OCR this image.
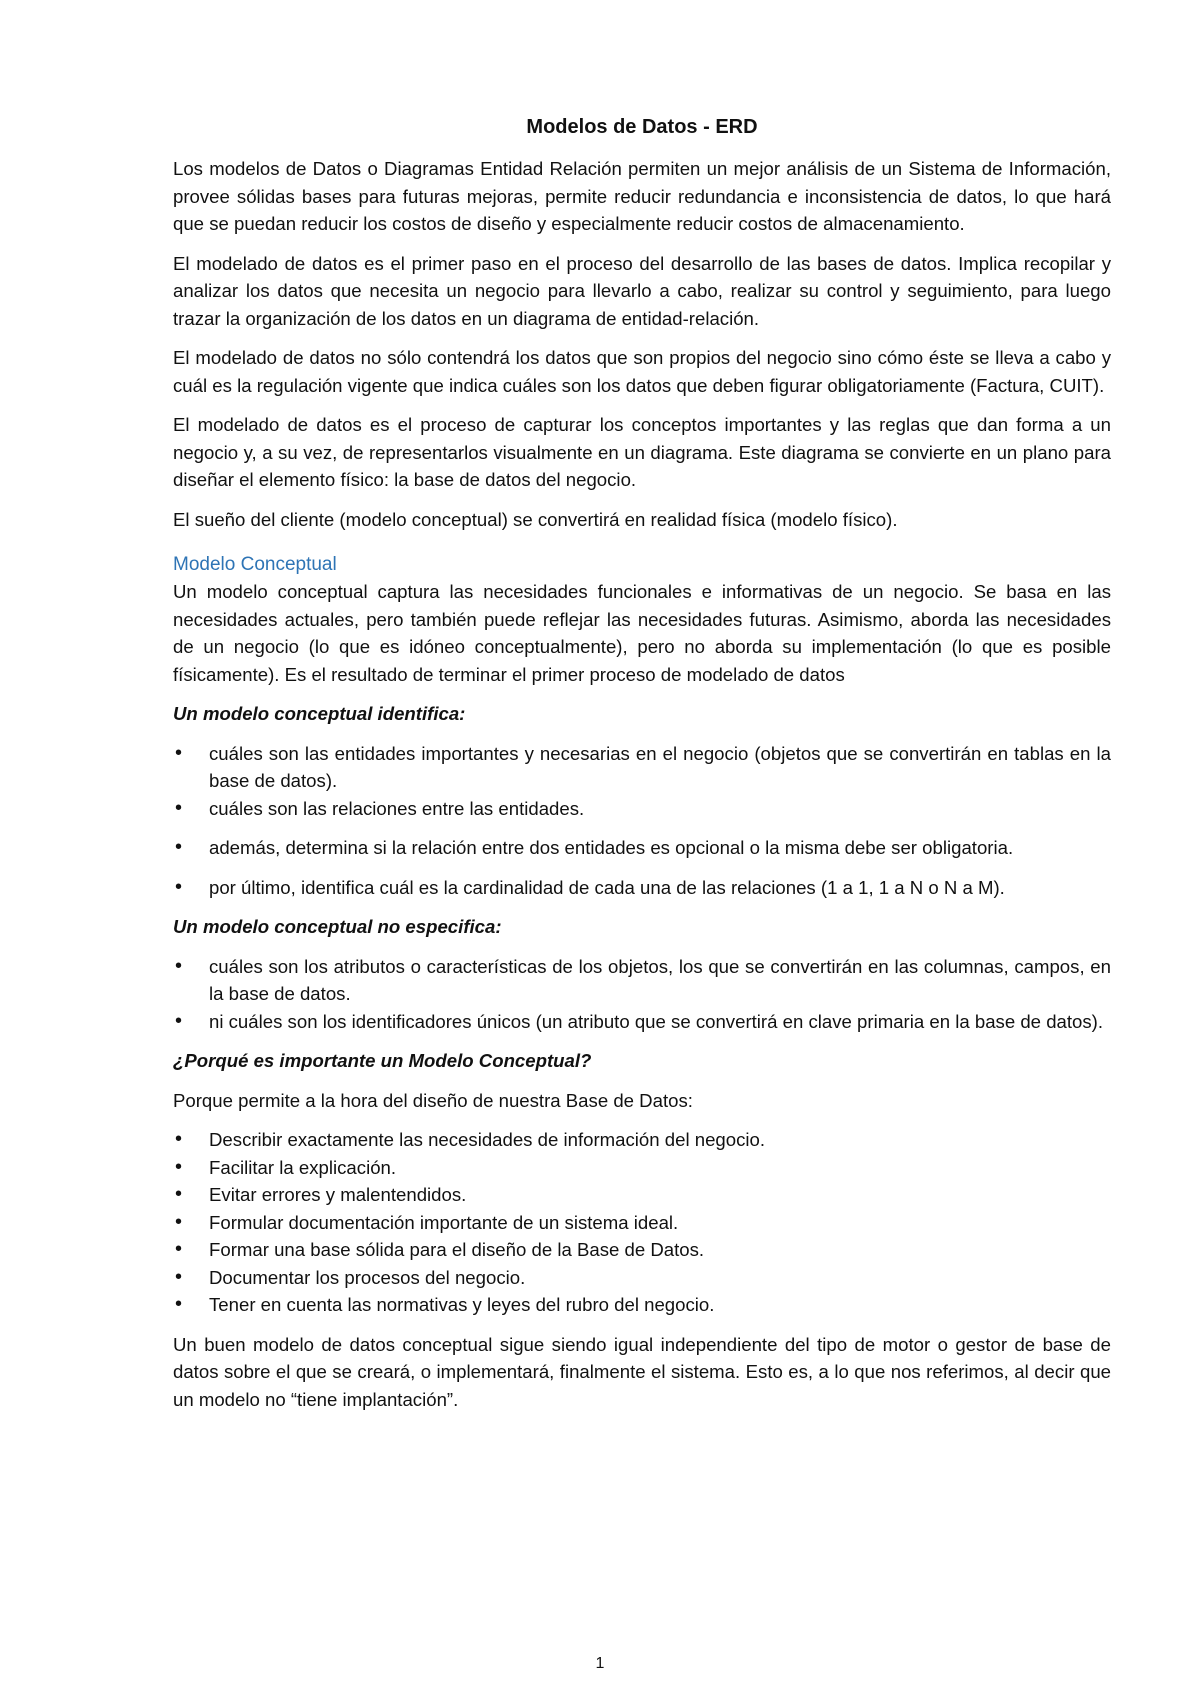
Modelos de Datos - ERD

Los modelos de Datos o Diagramas Entidad Relación permiten un mejor análisis de un Sistema de Información, provee sólidas bases para futuras mejoras, permite reducir redundancia e inconsistencia de datos, lo que hará que se puedan reducir los costos de diseño y especialmente reducir costos de almacenamiento.

El modelado de datos es el primer paso en el proceso del desarrollo de las bases de datos. Implica recopilar y analizar los datos que necesita un negocio para llevarlo a cabo, realizar su control y seguimiento, para luego trazar la organización de los datos en un diagrama de entidad-relación.

El modelado de datos no sólo contendrá los datos que son propios del negocio sino cómo éste se lleva a cabo y cuál es la regulación vigente que indica cuáles son los datos que deben figurar obligatoriamente (Factura, CUIT).

El modelado de datos es el proceso de capturar los conceptos importantes y las reglas que dan forma a un negocio y, a su vez, de representarlos visualmente en un diagrama. Este diagrama se convierte en un plano para diseñar el elemento físico: la base de datos del negocio.

El sueño del cliente (modelo conceptual) se convertirá en realidad física (modelo físico).

Modelo Conceptual

Un modelo conceptual captura las necesidades funcionales e informativas de un negocio. Se basa en las necesidades actuales, pero también puede reflejar las necesidades futuras. Asimismo, aborda las necesidades de un negocio (lo que es idóneo conceptualmente), pero no aborda su implementación (lo que es posible físicamente). Es el resultado de terminar el primer proceso de modelado de datos

Un modelo conceptual identifica:
• cuáles son las entidades importantes y necesarias en el negocio (objetos que se convertirán en tablas en la base de datos).
• cuáles son las relaciones entre las entidades.
• además, determina si la relación entre dos entidades es opcional o la misma debe ser obligatoria.
• por último, identifica cuál es la cardinalidad de cada una de las relaciones (1 a 1, 1 a N o N a M).
Un modelo conceptual no especifica:
• cuáles son los atributos o características de los objetos, los que se convertirán en las columnas, campos, en la base de datos.
• ni cuáles son los identificadores únicos (un atributo que se convertirá en clave primaria en la base de datos).
¿Porqué es importante un Modelo Conceptual?

Porque permite a la hora del diseño de nuestra Base de Datos:

• Describir exactamente las necesidades de información del negocio.
• Facilitar la explicación.
• Evitar errores y malentendidos.
• Formular documentación importante de un sistema ideal.
• Formar una base sólida para el diseño de la Base de Datos.
• Documentar los procesos del negocio.
• Tener en cuenta las normativas y leyes del rubro del negocio.

Un buen modelo de datos conceptual sigue siendo igual independiente del tipo de motor o gestor de base de datos sobre el que se creará, o implementará, finalmente el sistema. Esto es, a lo que nos referimos, al decir que un modelo no “tiene implantación”.

1
